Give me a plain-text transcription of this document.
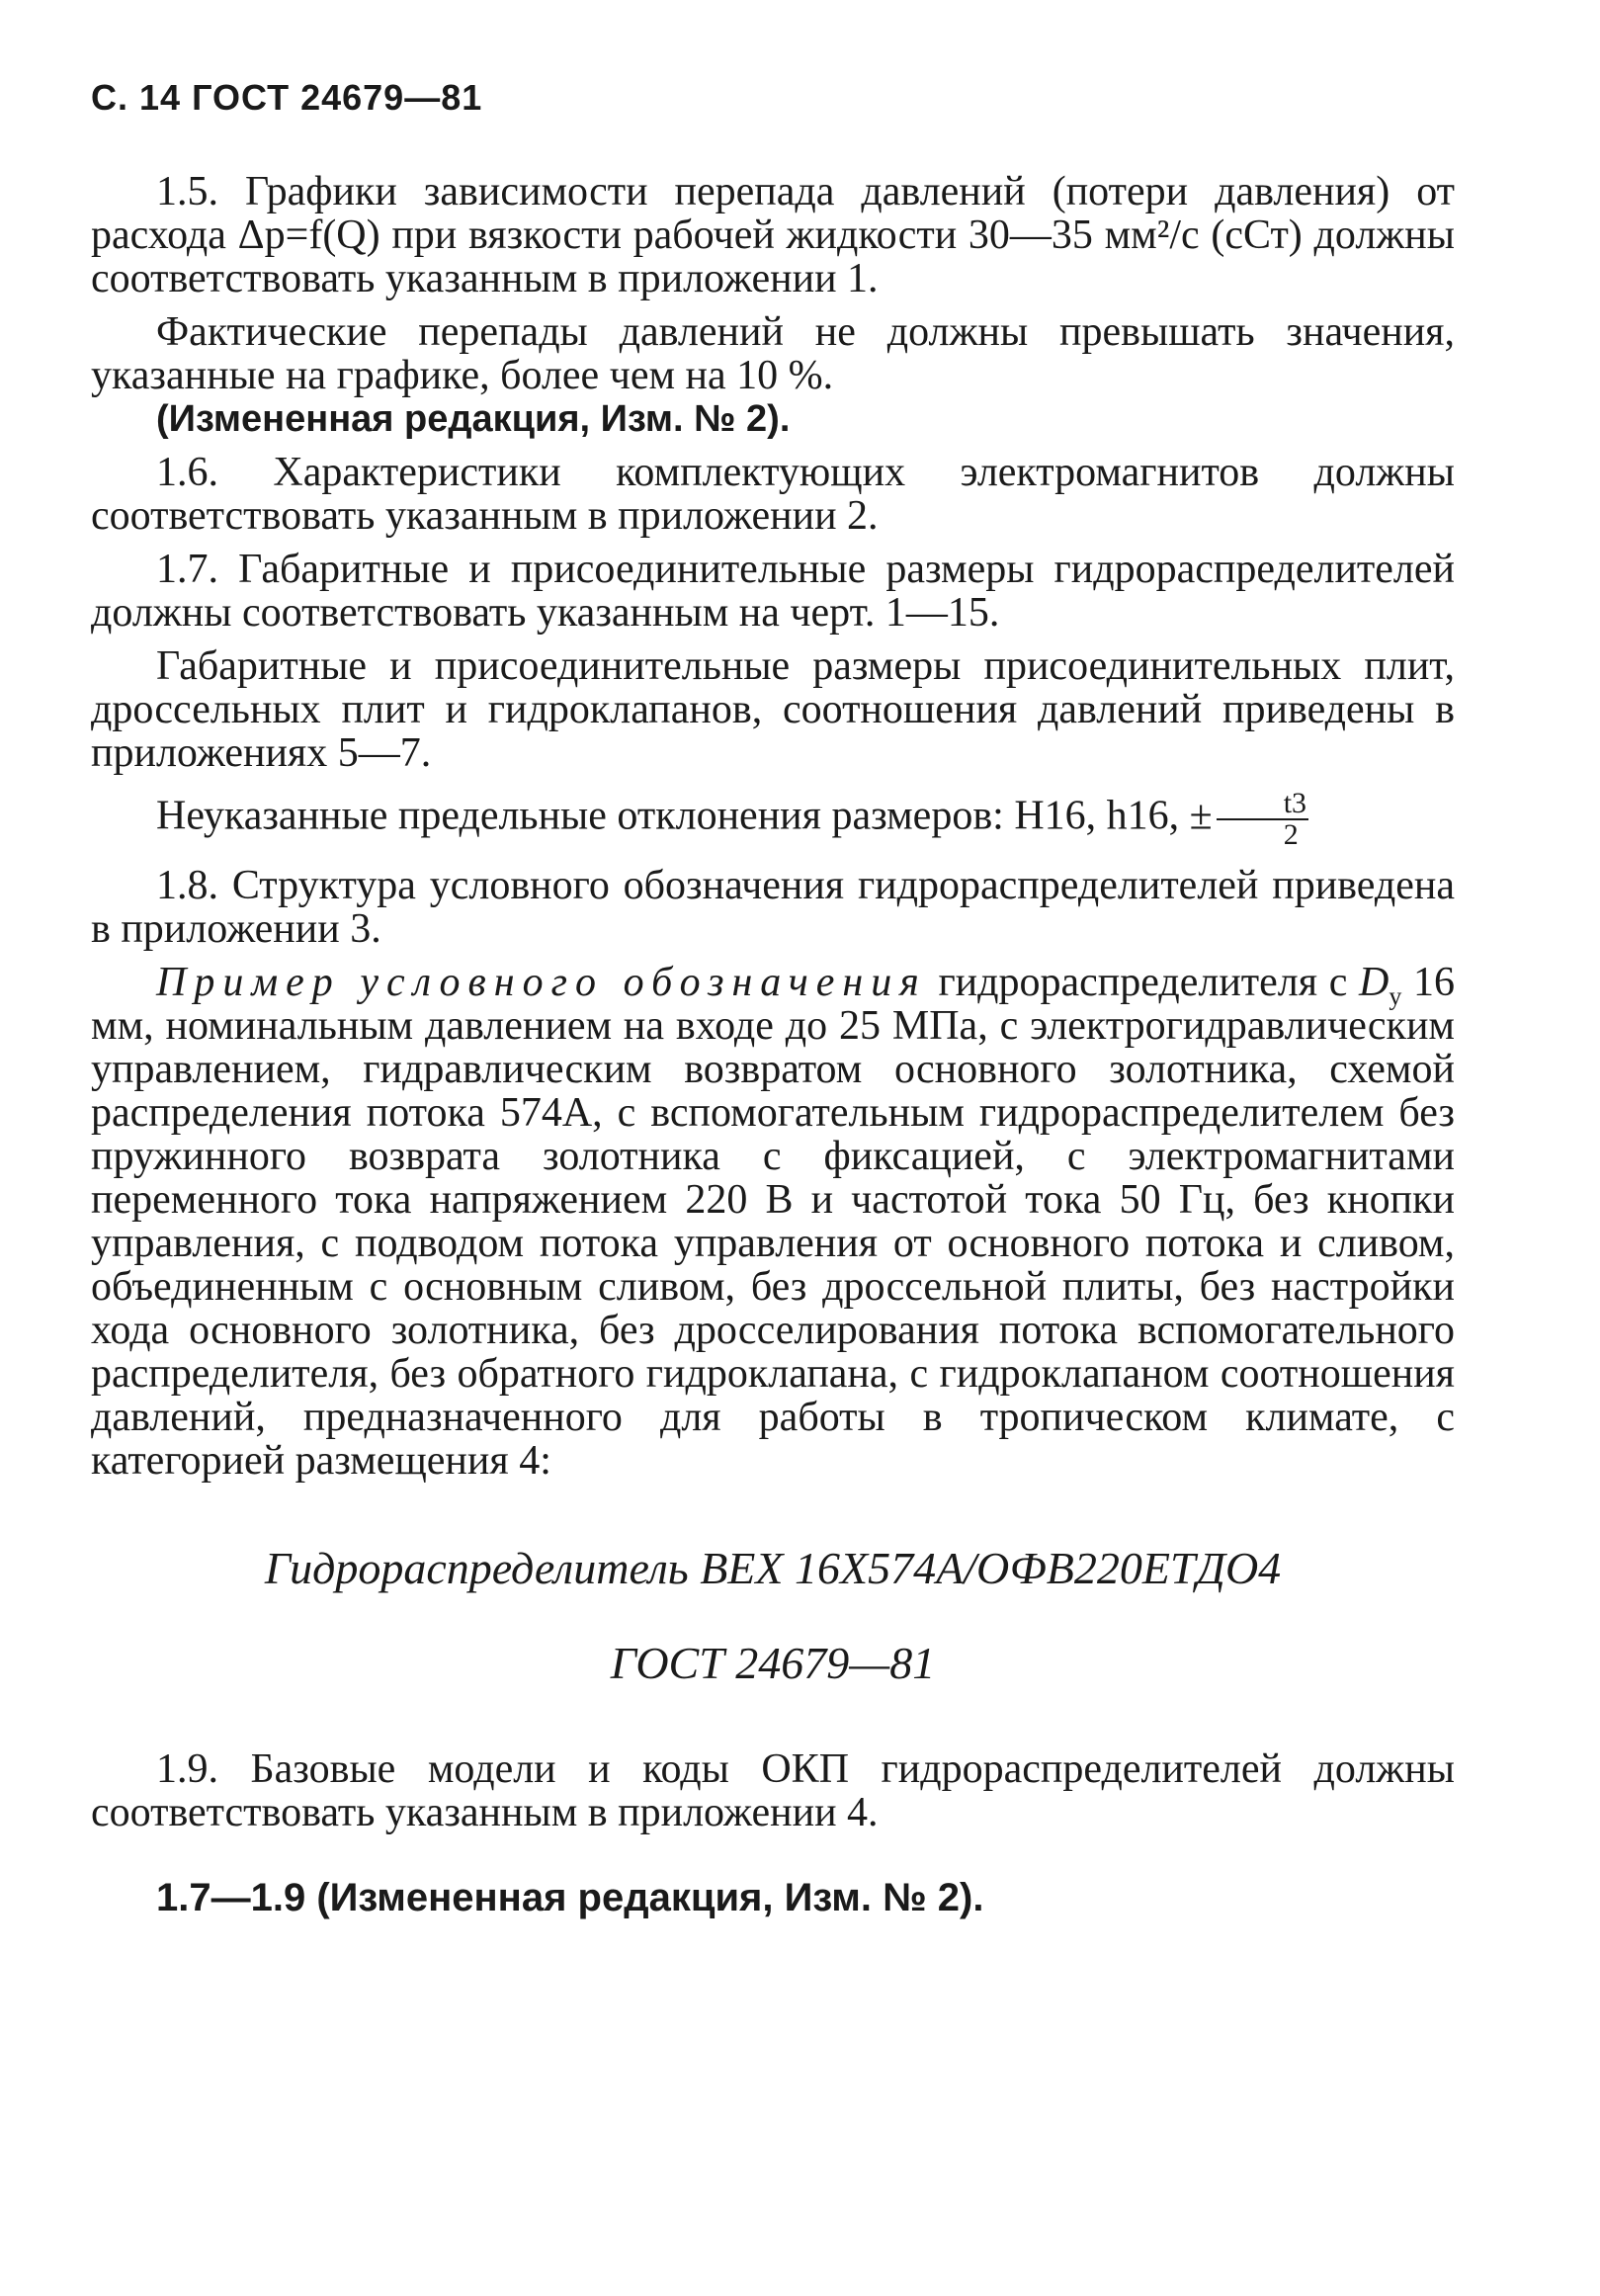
С. 14 ГОСТ 24679—81

1.5. Графики зависимости перепада давлений (потери давления) от расхода Δp=f(Q) при вязкости рабочей жидкости 30—35 мм²/с (сСт) должны соответствовать указанным в приложении 1.

Фактические перепады давлений не должны превышать значения, указанные на графике, более чем на 10 %.

(Измененная редакция, Изм. № 2).

1.6. Характеристики комплектующих электромагнитов должны соответствовать указанным в приложении 2.

1.7. Габаритные и присоединительные размеры гидрораспределителей должны соответствовать указанным на черт. 1—15.

Габаритные и присоединительные размеры присоединительных плит, дроссельных плит и гидроклапанов, соотношения давлений приведены в приложениях 5—7.

Неуказанные предельные отклонения размеров: H16, h16, ± $\frac{t3}{2}$

1.8. Структура условного обозначения гидрораспределителей приведена в приложении 3.

Пример условного обозначения гидрораспределителя с $D_y$ 16 мм, номинальным давлением на входе до 25 МПа, с электрогидравлическим управлением, гидравлическим возвратом основного золотника, схемой распределения потока 574А, с вспомогательным гидрораспределителем без пружинного возврата золотника с фиксацией, с электромагнитами переменного тока напряжением 220 В и частотой тока 50 Гц, без кнопки управления, с подводом потока управления от основного потока и сливом, объединенным с основным сливом, без дроссельной плиты, без настройки хода основного золотника, без дросселирования потока вспомогательного распределителя, без обратного гидроклапана, с гидроклапаном соотношения давлений, предназначенного для работы в тропическом климате, с категорией размещения 4:

Гидрораспределитель ВЕХ 16Х574А/ОФВ220ЕТДО4
ГОСТ 24679—81

1.9. Базовые модели и коды ОКП гидрораспределителей должны соответствовать указанным в приложении 4.

1.7—1.9 (Измененная редакция, Изм. № 2).
